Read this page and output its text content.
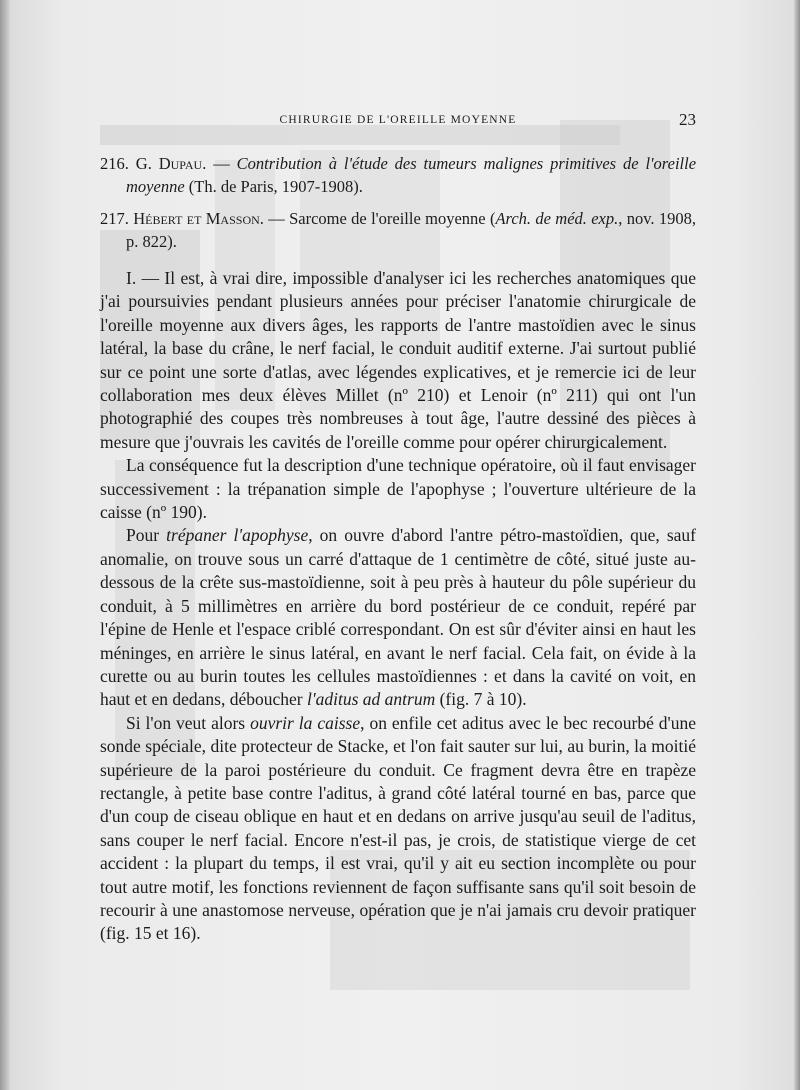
CHIRURGIE DE L'OREILLE MOYENNE	23
216. G. Dupau. — Contribution à l'étude des tumeurs malignes primitives de l'oreille moyenne (Th. de Paris, 1907-1908).
217. Hébert et Masson. — Sarcome de l'oreille moyenne (Arch. de méd. exp., nov. 1908, p. 822).

I. — Il est, à vrai dire, impossible d'analyser ici les recherches anatomiques que j'ai poursuivies pendant plusieurs années pour préciser l'anatomie chirurgicale de l'oreille moyenne aux divers âges, les rapports de l'antre mastoïdien avec le sinus latéral, la base du crâne, le nerf facial, le conduit auditif externe. J'ai surtout publié sur ce point une sorte d'atlas, avec légendes explicatives, et je remercie ici de leur collaboration mes deux élèves Millet (nº 210) et Lenoir (nº 211) qui ont l'un photographié des coupes très nombreuses à tout âge, l'autre dessiné des pièces à mesure que j'ouvrais les cavités de l'oreille comme pour opérer chirurgicalement.

La conséquence fut la description d'une technique opératoire, où il faut envisager successivement : la trépanation simple de l'apophyse ; l'ouverture ultérieure de la caisse (nº 190).

Pour trépaner l'apophyse, on ouvre d'abord l'antre pétro-mastoïdien, que, sauf anomalie, on trouve sous un carré d'attaque de 1 centimètre de côté, situé juste au-dessous de la crête sus-mastoïdienne, soit à peu près à hauteur du pôle supérieur du conduit, à 5 millimètres en arrière du bord postérieur de ce conduit, repéré par l'épine de Henle et l'espace criblé correspondant. On est sûr d'éviter ainsi en haut les méninges, en arrière le sinus latéral, en avant le nerf facial. Cela fait, on évide à la curette ou au burin toutes les cellules mastoïdiennes : et dans la cavité on voit, en haut et en dedans, déboucher l'aditus ad antrum (fig. 7 à 10).

Si l'on veut alors ouvrir la caisse, on enfile cet aditus avec le bec recourbé d'une sonde spéciale, dite protecteur de Stacke, et l'on fait sauter sur lui, au burin, la moitié supérieure de la paroi postérieure du conduit. Ce fragment devra être en trapèze rectangle, à petite base contre l'aditus, à grand côté latéral tourné en bas, parce que d'un coup de ciseau oblique en haut et en dedans on arrive jusqu'au seuil de l'aditus, sans couper le nerf facial. Encore n'est-il pas, je crois, de statistique vierge de cet accident : la plupart du temps, il est vrai, qu'il y ait eu section incomplète ou pour tout autre motif, les fonctions reviennent de façon suffisante sans qu'il soit besoin de recourir à une anastomose nerveuse, opération que je n'ai jamais cru devoir pratiquer (fig. 15 et 16).
